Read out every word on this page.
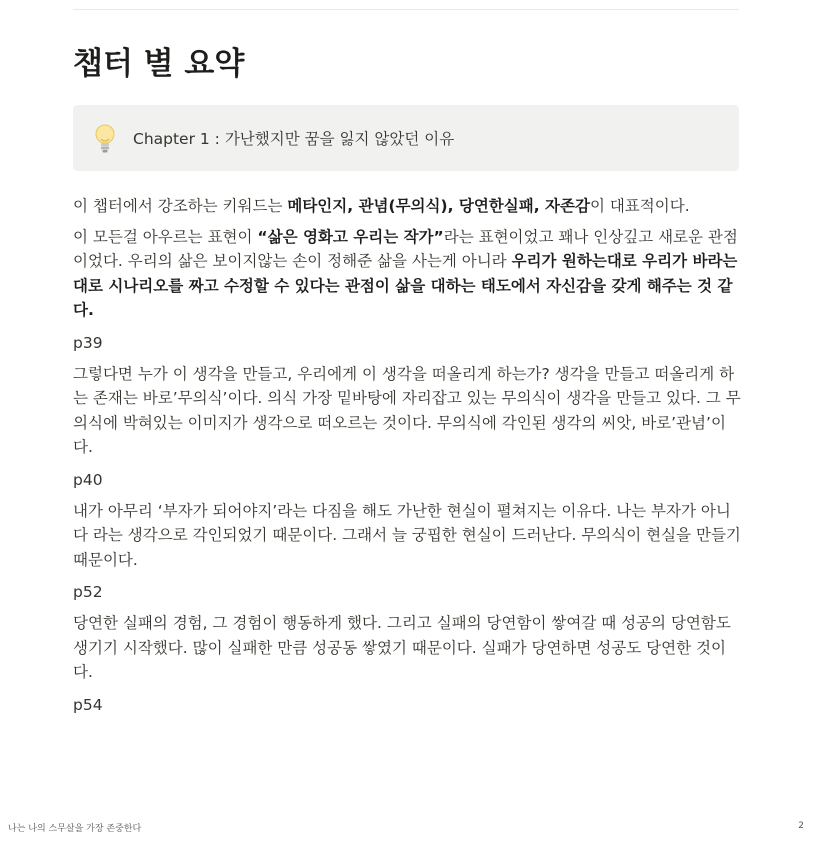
챕터 별 요약
Chapter 1 : 가난했지만 꿈을 잃지 않았던 이유

이 챕터에서 강조하는 키워드는 메타인지, 관념(무의식), 당연한실패, 자존감이 대표적이다.

이 모든걸 아우르는 표현이 “삶은 영화고 우리는 작가”라는 표현이었고 꽤나 인상깊고 새로운 관점이었다. 우리의 삶은 보이지않는 손이 정해준 삶을 사는게 아니라 우리가 원하는대로 우리가 바라는대로 시나리오를 짜고 수정할 수 있다는 관점이 삶을 대하는 태도에서 자신감을 갖게 해주는 것 같다.

p39

그렇다면 누가 이 생각을 만들고, 우리에게 이 생각을 떠올리게 하는가? 생각을 만들고 떠올리게 하는 존재는 바로’무의식’이다. 의식 가장 밑바탕에 자리잡고 있는 무의식이 생각을 만들고 있다. 그 무의식에 박혀있는 이미지가 생각으로 떠오르는 것이다. 무의식에 각인된 생각의 씨앗, 바로’관념’이다.

p40

내가 아무리 ‘부자가 되어야지’라는 다짐을 해도 가난한 현실이 펼쳐지는 이유다. 나는 부자가 아니다 라는 생각으로 각인되었기 때문이다. 그래서 늘 궁핍한 현실이 드러난다. 무의식이 현실을 만들기 때문이다.

p52

당연한 실패의 경험, 그 경험이 행동하게 했다. 그리고 실패의 당연함이 쌓여갈 때 성공의 당연함도 생기기 시작했다. 많이 실패한 만큼 성공동 쌓였기 때문이다. 실패가 당연하면 성공도 당연한 것이다.

p54

나는 나의 스무살을 가장 존중한다	2
